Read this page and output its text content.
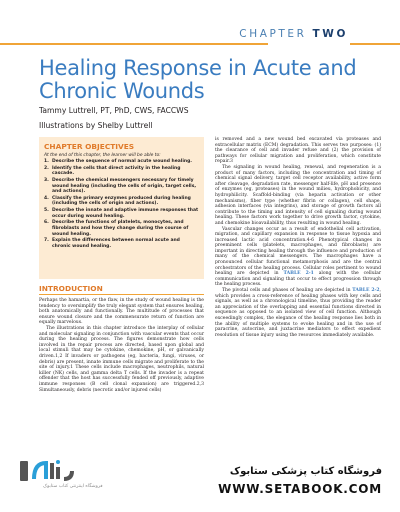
CHAPTER TWO
Healing Response in Acute and Chronic Wounds
Tammy Luttrell, PT, PhD, CWS, FACCWS
Illustrations by Shelby Luttrell
CHAPTER OBJECTIVES
At the end of this chapter, the learner will be able to:
1. Describe the sequence of normal acute wound healing.
2. Identify the cells that direct activity in the healing cascade.
3. Describe the chemical messengers necessary for timely wound healing (including the cells of origin, target cells, and actions).
4. Classify the primary enzymes produced during healing (including the cells of origin and actions).
5. Describe the innate and adaptive immune responses that occur during wound healing.
6. Describe the functions of platelets, monocytes, and fibroblasts and how they change during the course of wound healing.
7. Explain the differences between normal acute and chronic wound healing.
INTRODUCTION

Perhaps the hamartia, or the flaw, in the study of wound healing is the tendency to oversimplify the truly elegant system that ensures healing, both anatomically and functionally. The multitude of processes that ensure wound closure and the commensurate return of function are equally marvelous.

The illustrations in this chapter introduce the interplay of cellular and molecular signaling in conjunction with vascular events that occur during the healing process. The figures demonstrate how cells involved in the repair process are directed, based upon global and local stimuli that may be cytokine, chemokine, pH, or galvanically driven.1,2 If invaders or pathogens (eg, bacteria, fungi, viruses, or debris) are present, innate immune cells migrate and proliferate to the site of injury.1 These cells include macrophages, neutrophils, natural killer (NK) cells, and gamma delta T cells. If the invader is a repeat offender that the host has successfully fended off previously, adaptive immune responses (B cell clonal expansion) are triggered.2,3 Simultaneously, debris (necrotic and/or injured cells)

is removed and a new wound bed excavated via proteases and extracellular matrix (ECM) degradation. This serves two purposes: (1) the clearance of cell and invader refuse and (2) the provision of pathways for cellular migration and proliferation, which constitute repair.3

The signaling in wound healing, renewal, and regeneration is a product of many factors, including the concentration and timing of chemical signal delivery, target cell receptor availability, active form after cleavage, degradation rate, messenger half-life, pH and presence of enzymes (eg, proteases) in the wound milieu, hydrophobicity, and hydrophilicity. Scaffold-binding (via heparin activation or other mechanisms), fiber type (whether fibrin or collagen), cell shape, adhesion interfaces (via integrins), and storage of growth factors all contribute to the timing and intensity of cell signaling during wound healing. These factors work together to drive growth factor, cytokine, and chemokine bioavailability, thus resulting in wound healing.

Vascular changes occur as a result of endothelial cell activation, migration, and capillary expansion in response to tissue hypoxia and increased lactic acid concentration.4-6 Phenotypical changes in preeminent cells (platelets, macrophages, and fibroblasts) are important in directing healing through the influence and production of many of the chemical messengers. The macrophages have a pronounced cellular functional metamorphosis and are the central orchestrators of the healing process. Cellular roles pertinent to wound healing are depicted in TABLE 2-1 along with the cellular communication and signaling that occur to effect progression through the healing process.

The pivotal cells and phases of healing are depicted in TABLE 2-2, which provides a cross-reference of healing phases with key cells and signals, as well as a chronological timeline, thus providing the reader an appreciation of the overlapping and essential functions directed in sequence as opposed to an isolated view of cell function. Although exceedingly complex, the elegance of the healing response lies both in the ability of multiple systems to evoke healing and in the use of paracrine, autocrine, and juxtacrine mediators to effect expedient resolution of tissue injury using the resources immediately available.

فروشگاه اینترنتی کتاب ستابوک
فروشگاه کتاب پزشکی ستابوک
WWW.SETABOOK.COM
